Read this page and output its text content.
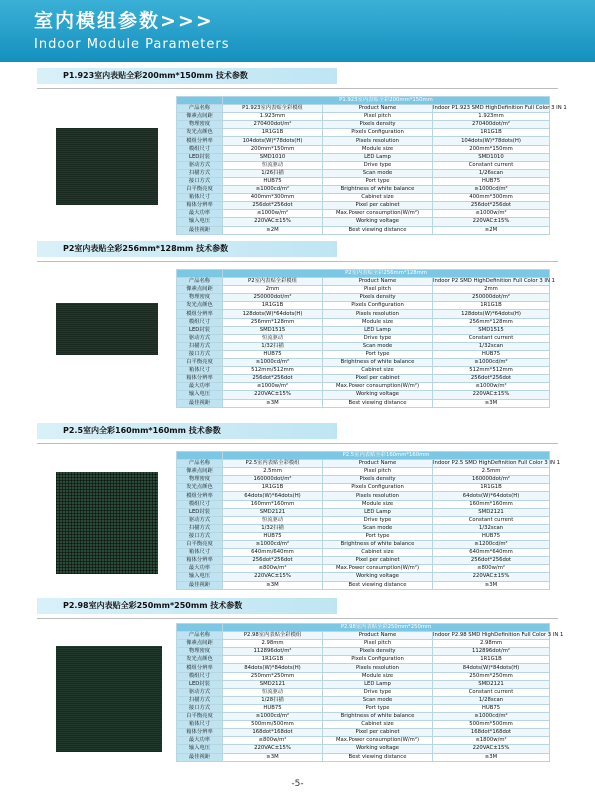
室内模组参数>>>
Indoor Module Parameters
P1.923室内表贴全彩200mm*150mm 技术参数
	P1.923室内表贴全彩200mm*150mm		
产品名称	P1.923室内表贴全彩模组	Product Name	Indoor P1.923 SMD HighDefinition Full Color 3 IN 1
像素点间距	1.923mm	Pixel pitch	1.923mm
物理密度	270400dot/m²	Pixels density	270400dot/m²
发光点颜色	1R1G1B	Pixels Configuration	1R1G1B
模组分辨率	104dots(W)*78dots(H)	Pixels resolution	104dots(W)*78dots(H)
模组尺寸	200mm*150mm	Module size	200mm*150mm
LED封装	SMD1010	LED Lamp	SMD1010
驱动方式	恒流驱动	Drive type	Constant current
扫描方式	1/26扫描	Scan mode	1/26scan
接口方式	HUB75	Port type	HUB75
白平衡亮度	≥1000cd/m²	Brightness of white balance	≥1000cd/m²
箱体尺寸	400mm*300mm	Cabinet size	400mm*300mm
箱体分辨率	256dot*256dot	Pixel per cabinet	256dot*256dot
最大功率	≤1000w/m²	Max.Power consumption(W/m²)	≤1000w/m²
输入电压	220VAC±15%	Working voltage	220VAC±15%
最佳视距	≥2M	Best viewing distance	≥2M
P2室内表贴全彩256mm*128mm 技术参数
	P2室内表贴全彩256mm*128mm		
产品名称	P2室内表贴全彩模组	Product Name	Indoor P2 SMD HighDefinition Full Color 3 IN 1
像素点间距	2mm	Pixel pitch	2mm
物理密度	250000dot/m²	Pixels density	250000dot/m²
发光点颜色	1R1G1B	Pixels Configuration	1R1G1B
模组分辨率	128dots(W)*64dots(H)	Pixels resolution	128dots(W)*64dots(H)
模组尺寸	256mm*128mm	Module size	256mm*128mm
LED封装	SMD1515	LED Lamp	SMD1515
驱动方式	恒流驱动	Drive type	Constant current
扫描方式	1/32扫描	Scan mode	1/32scan
接口方式	HUB75	Port type	HUB75
白平衡亮度	≥1000cd/m²	Brightness of white balance	≥1000cd/m²
箱体尺寸	512mm/512mm	Cabinet size	512mm*512mm
箱体分辨率	256dot*256dot	Pixel per cabinet	256dot*256dot
最大功率	≤1000w/m²	Max.Power consumption(W/m²)	≤1000w/m²
输入电压	220VAC±15%	Working voltage	220VAC±15%
最佳视距	≥3M	Best viewing distance	≥3M
P2.5室内全彩160mm*160mm 技术参数
	P2.5室内表贴全彩160mm*160mm		
产品名称	P2.5室内表贴全彩模组	Product Name	Indoor P2.5 SMD HighDefinition Full Color 3 IN 1
像素点间距	2.5mm	Pixel pitch	2.5mm
物理密度	160000dot/m²	Pixels density	160000dot/m²
发光点颜色	1R1G1B	Pixels Configuration	1R1G1B
模组分辨率	64dots(W)*64dots(H)	Pixels resolution	64dots(W)*64dots(H)
模组尺寸	160mm*160mm	Module size	160mm*160mm
LED封装	SMD2121	LED Lamp	SMD2121
驱动方式	恒流驱动	Drive type	Constant current
扫描方式	1/32扫描	Scan mode	1/32scan
接口方式	HUB75	Port type	HUB75
白平衡亮度	≥1000cd/m²	Brightness of white balance	≥1200cd/m²
箱体尺寸	640mm/640mm	Cabinet size	640mm*640mm
箱体分辨率	256dot*256dot	Pixel per cabinet	256dot*256dot
最大功率	≤800w/m²	Max.Power consumption(W/m²)	≤800w/m²
输入电压	220VAC±15%	Working voltage	220VAC±15%
最佳视距	≥3M	Best viewing distance	≥3M
P2.98室内表贴全彩250mm*250mm 技术参数
	P2.98室内表贴全彩250mm*250mm		
产品名称	P2.98室内表贴全彩模组	Product Name	Indoor P2.98 SMD HighDefinition Full Color 3 IN 1
像素点间距	2.98mm	Pixel pitch	2.98mm
物理密度	112896dot/m²	Pixels density	112896dot/m²
发光点颜色	1R1G1B	Pixels Configuration	1R1G1B
模组分辨率	84dots(W)*84dots(H)	Pixels resolution	84dots(W)*84dots(H)
模组尺寸	250mm*250mm	Module size	250mm*250mm
LED封装	SMD2121	LED Lamp	SMD2121
驱动方式	恒流驱动	Drive type	Constant current
扫描方式	1/28扫描	Scan mode	1/28scan
接口方式	HUB75	Port type	HUB75
白平衡亮度	≥1000cd/m²	Brightness of white balance	≥1000cd/m²
箱体尺寸	500mm/500mm	Cabinet size	500mm*500mm
箱体分辨率	168dot*168dot	Pixel per cabinet	168dot*168dot
最大功率	≤800w/m²	Max.Power consumption(W/m²)	≤1800w/m²
输入电压	220VAC±15%	Working voltage	220VAC±15%
最佳视距	≥3M	Best viewing distance	≥3M
-5-
